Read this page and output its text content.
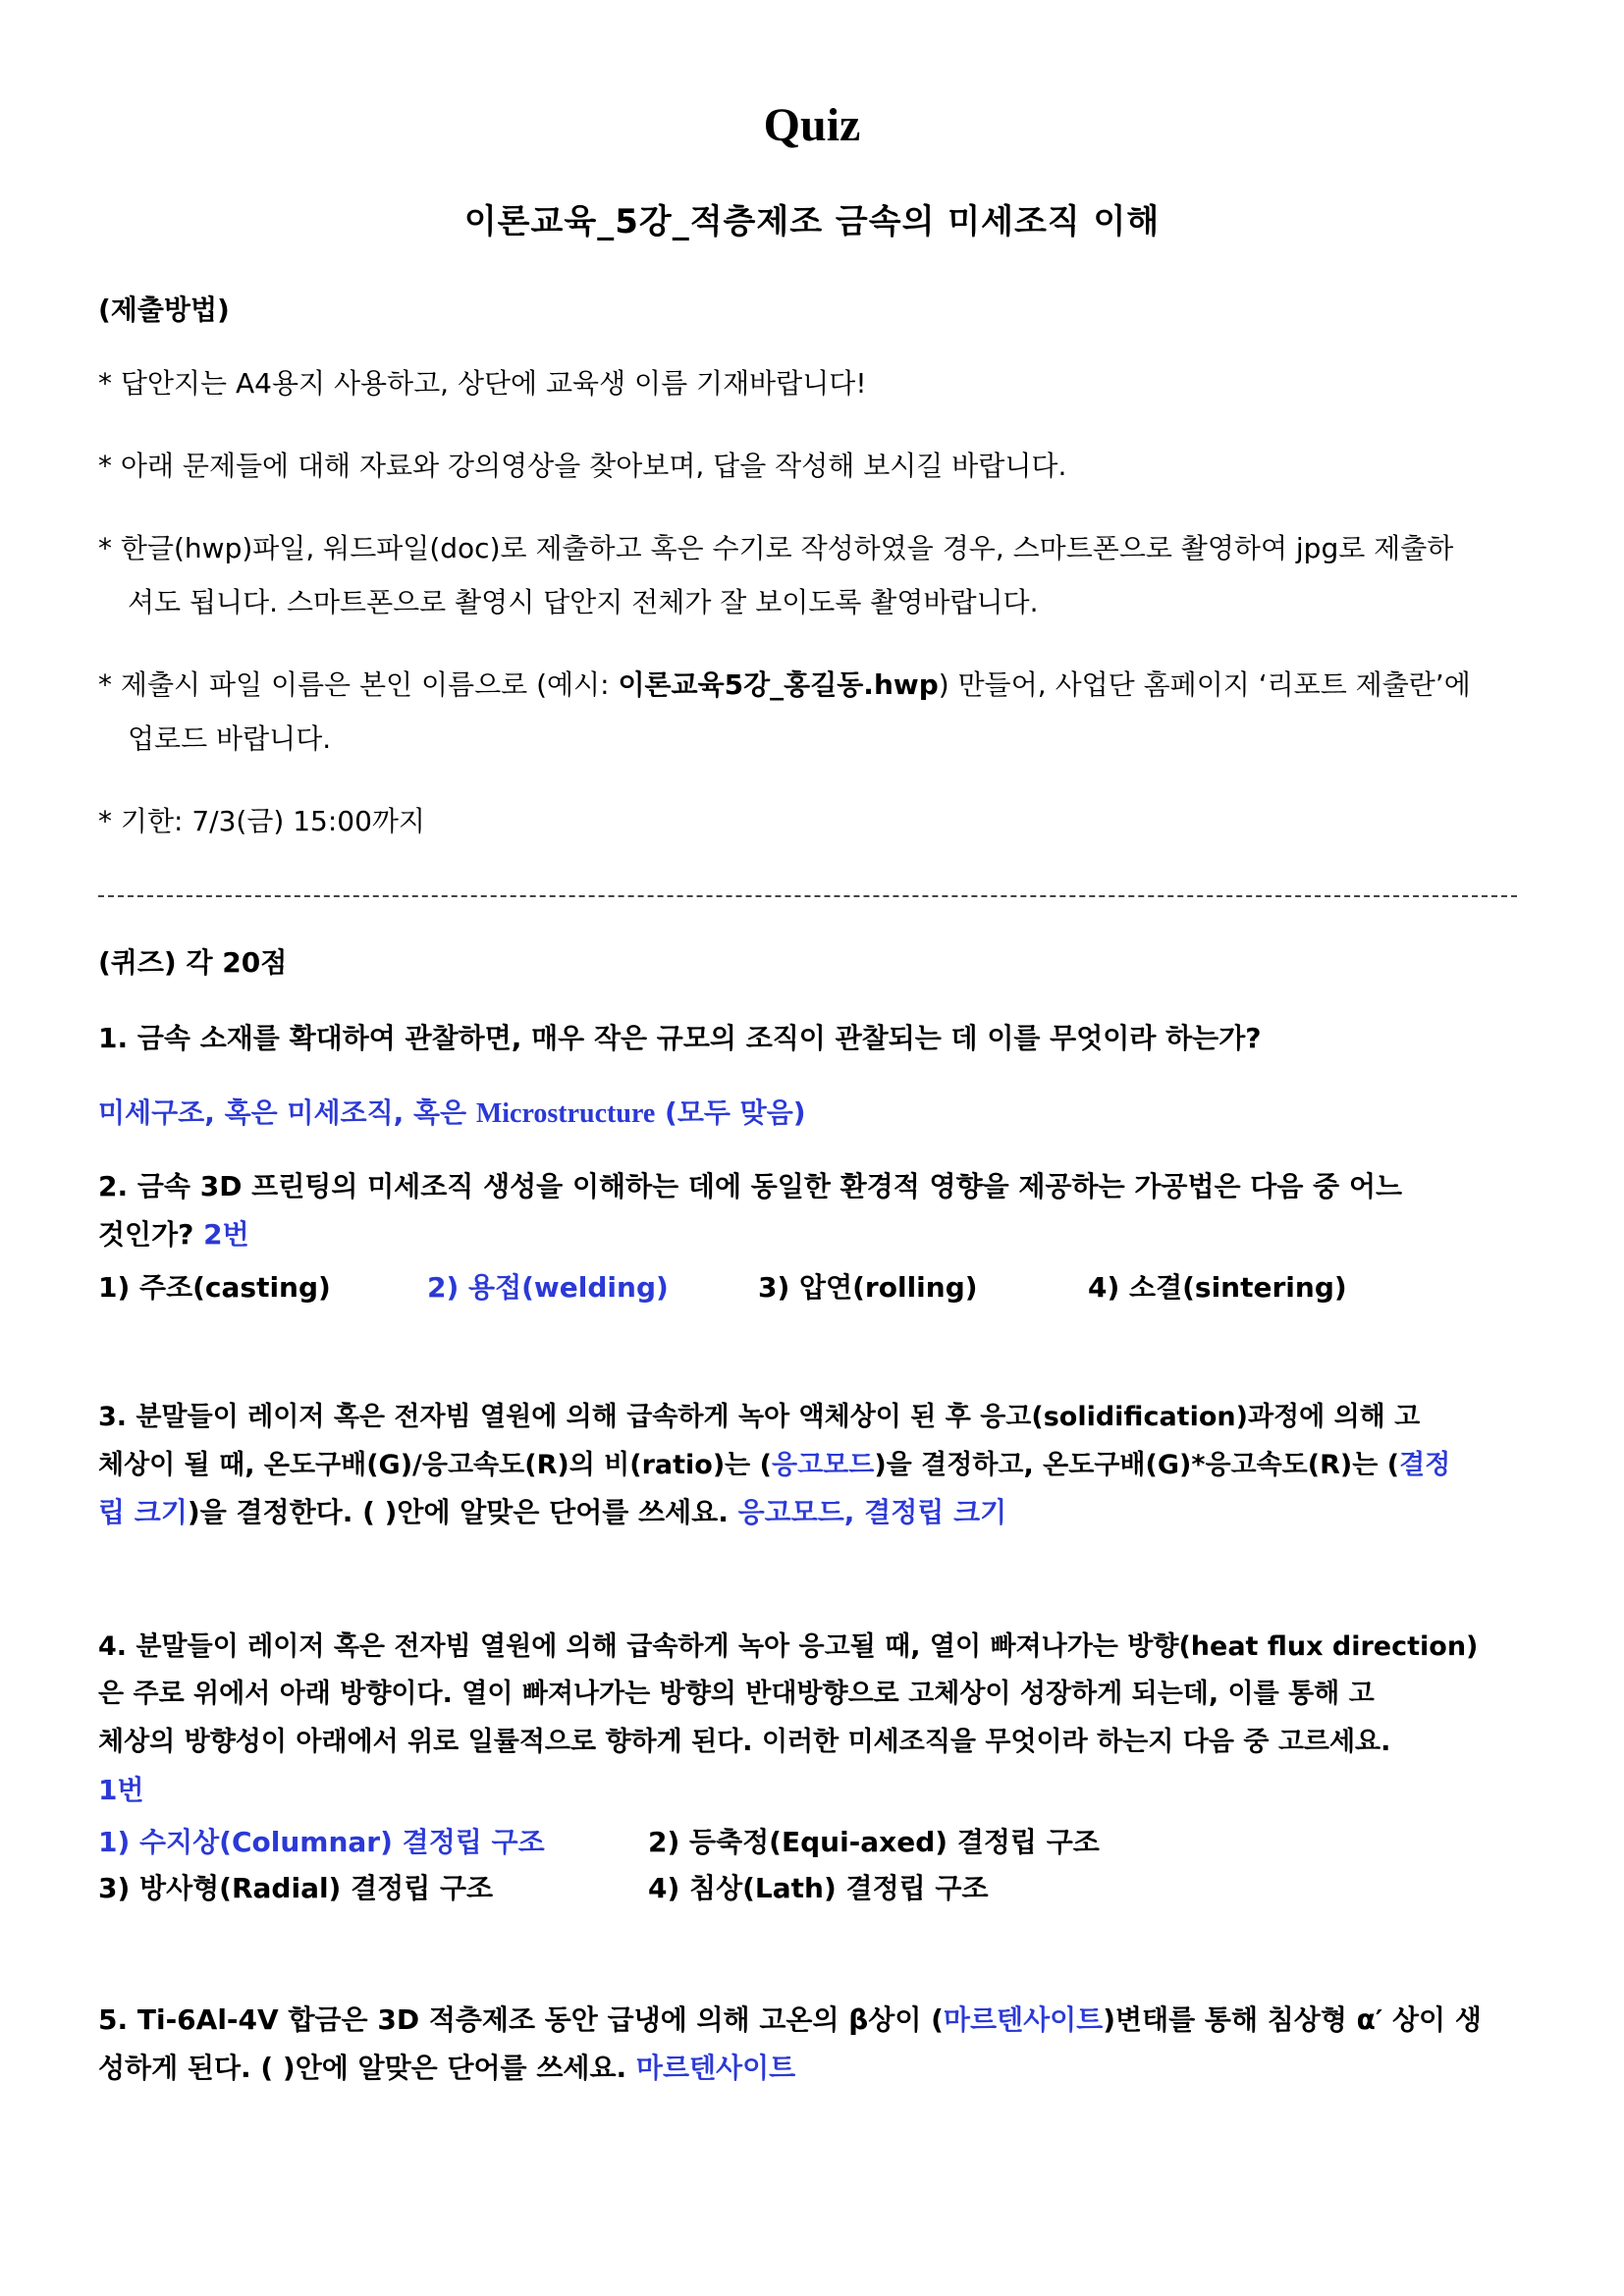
Quiz
이론교육_5강_적층제조 금속의 미세조직 이해
(제출방법)
* 답안지는 A4용지 사용하고, 상단에 교육생 이름 기재바랍니다!
* 아래 문제들에 대해 자료와 강의영상을 찾아보며, 답을 작성해 보시길 바랍니다.
* 한글(hwp)파일, 워드파일(doc)로 제출하고 혹은 수기로 작성하였을 경우, 스마트폰으로 촬영하여 jpg로 제출하
셔도 됩니다. 스마트폰으로 촬영시 답안지 전체가 잘 보이도록 촬영바랍니다.
* 제출시 파일 이름은 본인 이름으로 (예시: 이론교육5강_홍길동.hwp) 만들어, 사업단 홈페이지 ‘리포트 제출란’에
업로드 바랍니다.
* 기한: 7/3(금) 15:00까지
(퀴즈) 각 20점
1. 금속 소재를 확대하여 관찰하면, 매우 작은 규모의 조직이 관찰되는 데 이를 무엇이라 하는가?
미세구조, 혹은 미세조직, 혹은 Microstructure (모두 맞음)
2. 금속 3D 프린팅의 미세조직 생성을 이해하는 데에 동일한 환경적 영향을 제공하는 가공법은 다음 중 어느
것인가? 2번
1) 주조(casting)	2) 용접(welding)	3) 압연(rolling)	4) 소결(sintering)
3. 분말들이 레이저 혹은 전자빔 열원에 의해 급속하게 녹아 액체상이 된 후 응고(solidification)과정에 의해 고
체상이 될 때, 온도구배(G)/응고속도(R)의 비(ratio)는 (응고모드)을 결정하고, 온도구배(G)*응고속도(R)는 (결정
립 크기)을 결정한다. ( )안에 알맞은 단어를 쓰세요. 응고모드, 결정립 크기
4. 분말들이 레이저 혹은 전자빔 열원에 의해 급속하게 녹아 응고될 때, 열이 빠져나가는 방향(heat flux direction)
은 주로 위에서 아래 방향이다. 열이 빠져나가는 방향의 반대방향으로 고체상이 성장하게 되는데, 이를 통해 고
체상의 방향성이 아래에서 위로 일률적으로 향하게 된다. 이러한 미세조직을 무엇이라 하는지 다음 중 고르세요.
1번
1) 수지상(Columnar) 결정립 구조	2) 등축정(Equi-axed) 결정립 구조
3) 방사형(Radial) 결정립 구조	4) 침상(Lath) 결정립 구조
5. Ti-6Al-4V 합금은 3D 적층제조 동안 급냉에 의해 고온의 β상이 (마르텐사이트)변태를 통해 침상형 α′ 상이 생
성하게 된다. ( )안에 알맞은 단어를 쓰세요. 마르텐사이트
